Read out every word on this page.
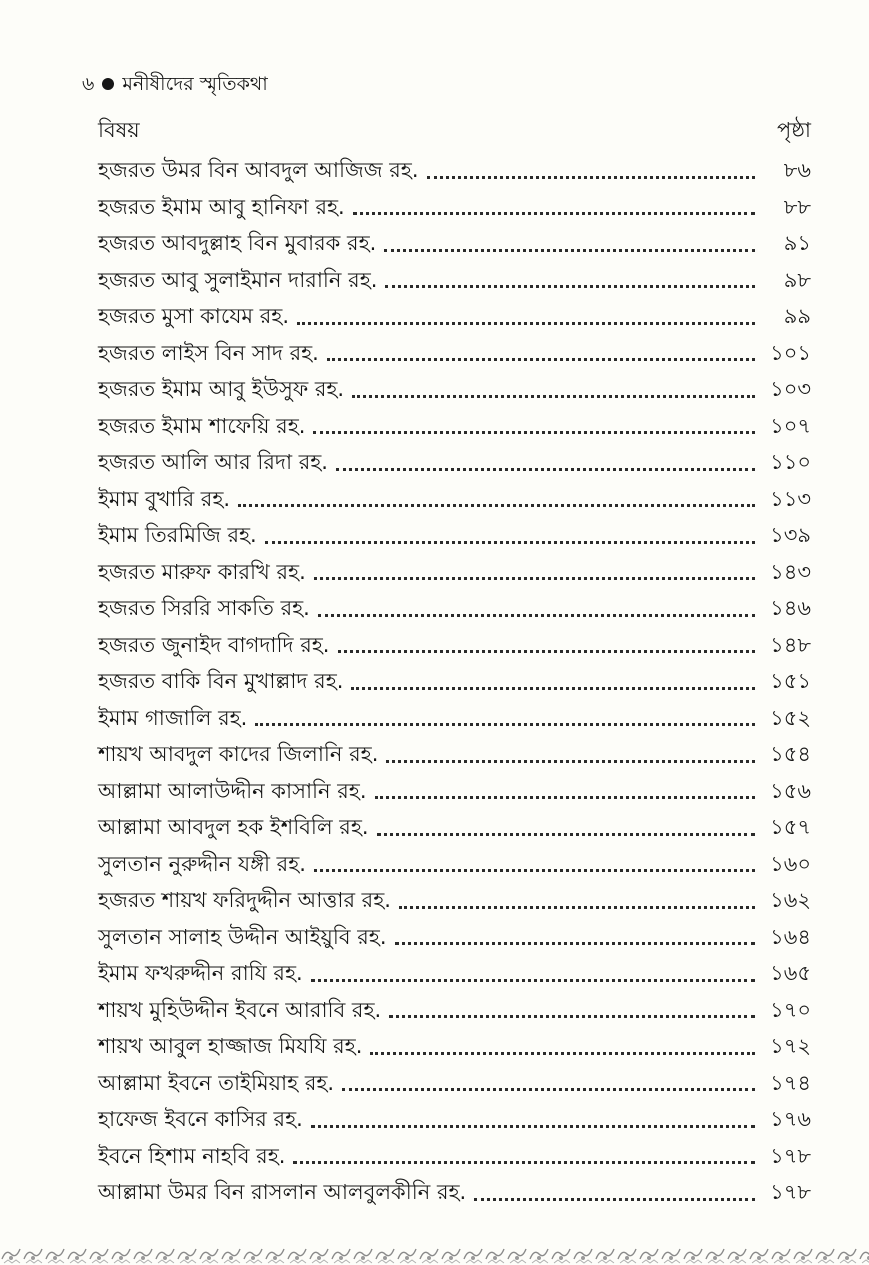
৬ মনীষীদের স্মৃতিকথা
বিষয়	পৃষ্ঠা
হজরত উমর বিন আবদুল আজিজ রহ.	৮৬
হজরত ইমাম আবু হানিফা রহ.	৮৮
হজরত আবদুল্লাহ বিন মুবারক রহ.	৯১
হজরত আবু সুলাইমান দারানি রহ.	৯৮
হজরত মুসা কাযেম রহ.	৯৯
হজরত লাইস বিন সাদ রহ.	১০১
হজরত ইমাম আবু ইউসুফ রহ.	১০৩
হজরত ইমাম শাফেয়ি রহ.	১০৭
হজরত আলি আর রিদা রহ.	১১০
ইমাম বুখারি রহ.	১১৩
ইমাম তিরমিজি রহ.	১৩৯
হজরত মারুফ কারখি রহ.	১৪৩
হজরত সিররি সাকতি রহ.	১৪৬
হজরত জুনাইদ বাগদাদি রহ.	১৪৮
হজরত বাকি বিন মুখাল্লাদ রহ.	১৫১
ইমাম গাজালি রহ.	১৫২
শায়খ আবদুল কাদের জিলানি রহ.	১৫৪
আল্লামা আলাউদ্দীন কাসানি রহ.	১৫৬
আল্লামা আবদুল হক ইশবিলি রহ.	১৫৭
সুলতান নুরুদ্দীন যঙ্গী রহ.	১৬০
হজরত শায়খ ফরিদুদ্দীন আত্তার রহ.	১৬২
সুলতান সালাহ উদ্দীন আইয়ুবি রহ.	১৬৪
ইমাম ফখরুদ্দীন রাযি রহ.	১৬৫
শায়খ মুহিউদ্দীন ইবনে আরাবি রহ.	১৭০
শায়খ আবুল হাজ্জাজ মিযযি রহ.	১৭২
আল্লামা ইবনে তাইমিয়াহ রহ.	১৭৪
হাফেজ ইবনে কাসির রহ.	১৭৬
ইবনে হিশাম নাহবি রহ.	১৭৮
আল্লামা উমর বিন রাসলান আলবুলকীনি রহ.	১৭৮
